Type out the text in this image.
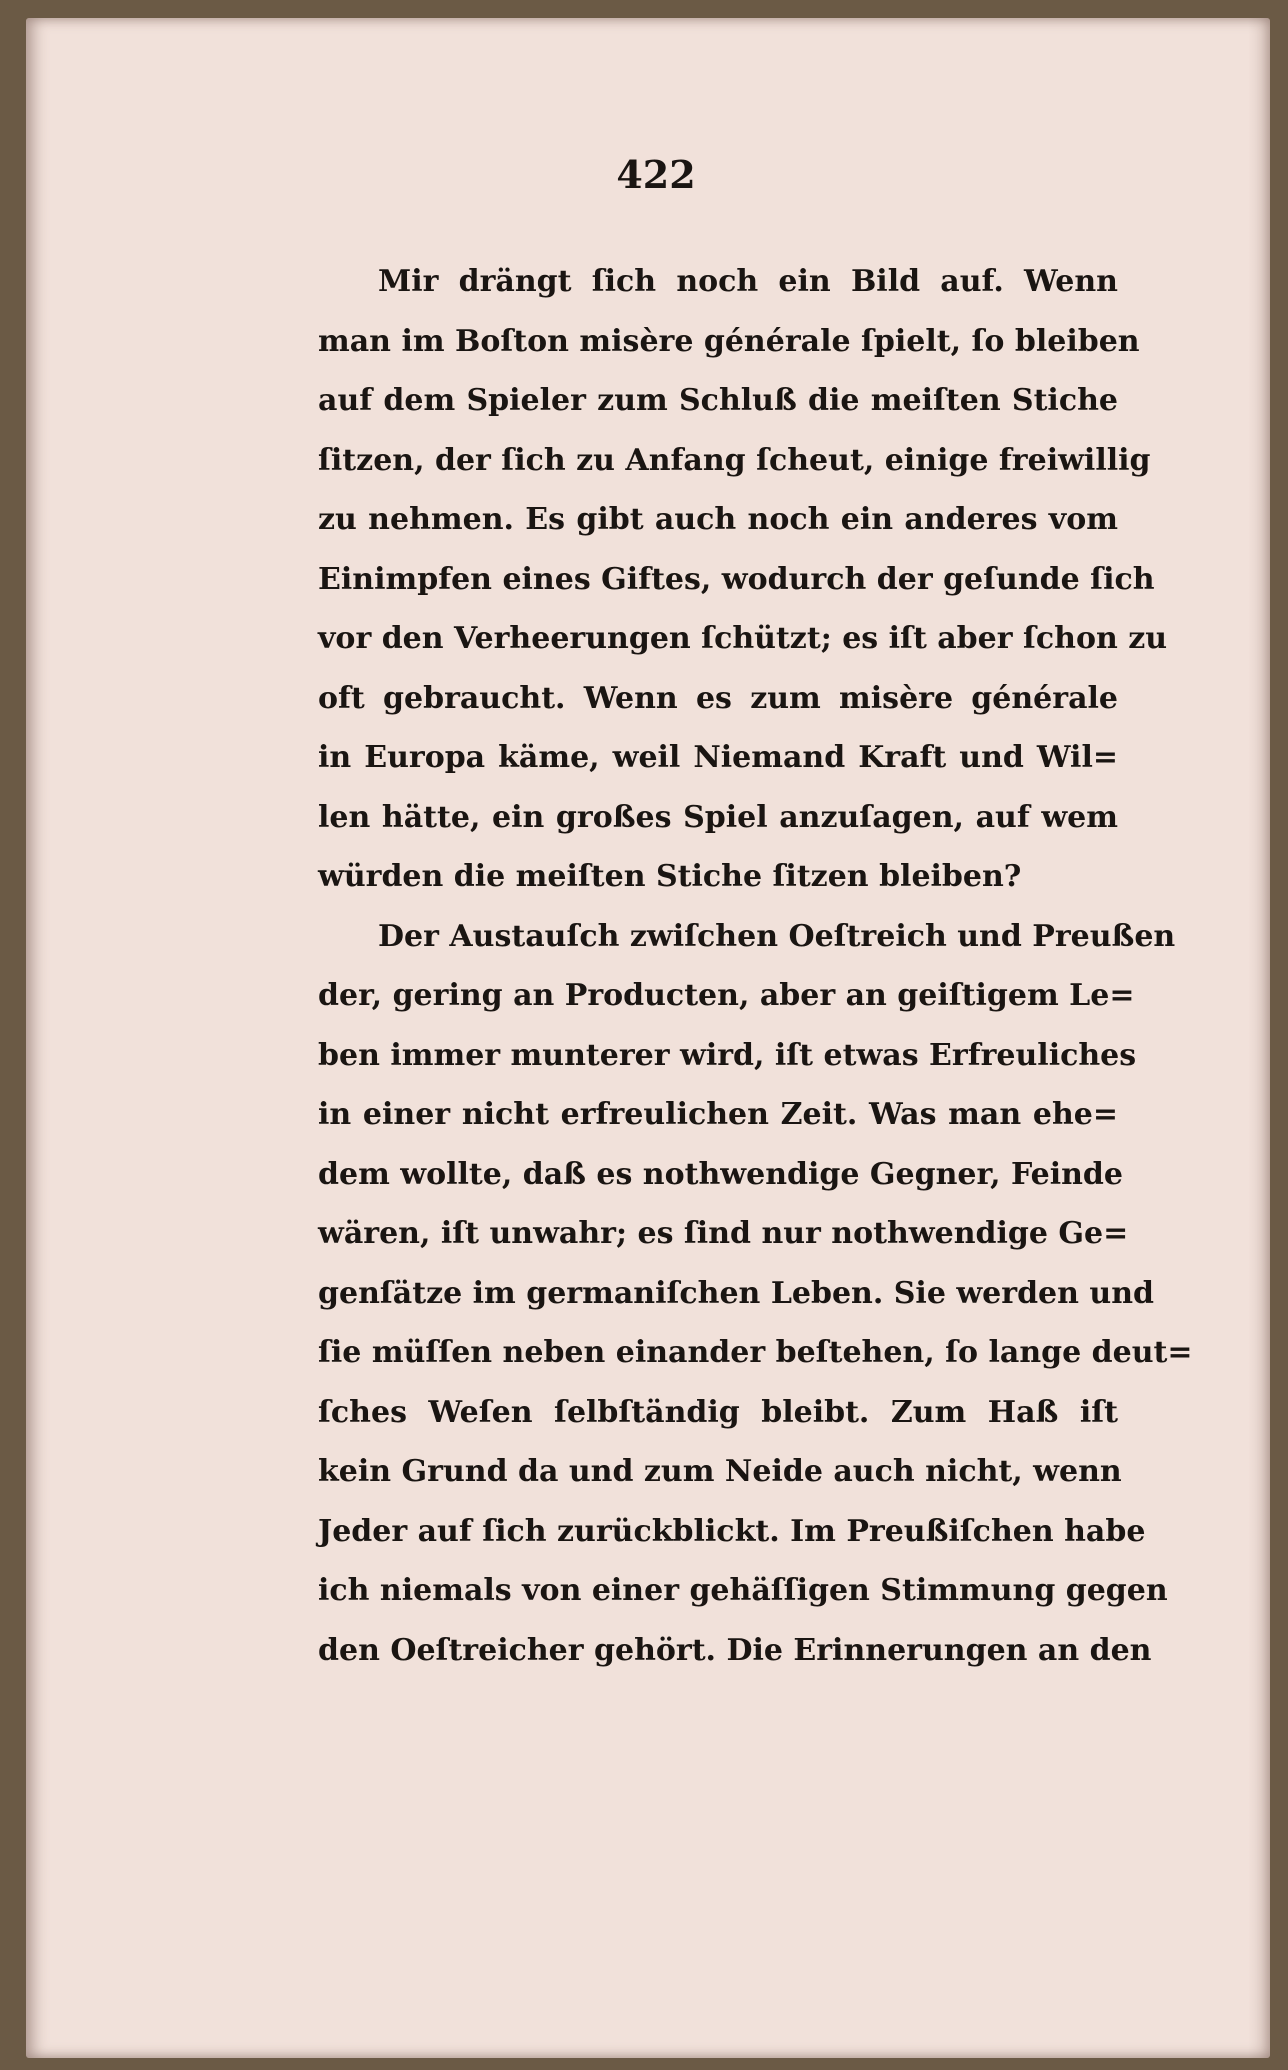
422
Mir drängt ſich noch ein Bild auf. Wenn
man im Boſton misère générale ſpielt, ſo bleiben
auf dem Spieler zum Schluß die meiſten Stiche
ſitzen, der ſich zu Anfang ſcheut, einige freiwillig
zu nehmen. Es gibt auch noch ein anderes vom
Einimpfen eines Giftes, wodurch der geſunde ſich
vor den Verheerungen ſchützt; es iſt aber ſchon zu
oft gebraucht. Wenn es zum misère générale
in Europa käme, weil Niemand Kraft und Wil=
len hätte, ein großes Spiel anzuſagen, auf wem
würden die meiſten Stiche ſitzen bleiben?
Der Austauſch zwiſchen Oeſtreich und Preußen
der, gering an Producten, aber an geiſtigem Le=
ben immer munterer wird, iſt etwas Erfreuliches
in einer nicht erfreulichen Zeit. Was man ehe=
dem wollte, daß es nothwendige Gegner, Feinde
wären, iſt unwahr; es ſind nur nothwendige Ge=
genſätze im germaniſchen Leben. Sie werden und
ſie müſſen neben einander beſtehen, ſo lange deut=
ſches Weſen ſelbſtändig bleibt. Zum Haß iſt
kein Grund da und zum Neide auch nicht, wenn
Jeder auf ſich zurückblickt. Im Preußiſchen habe
ich niemals von einer gehäſſigen Stimmung gegen
den Oeſtreicher gehört. Die Erinnerungen an den
